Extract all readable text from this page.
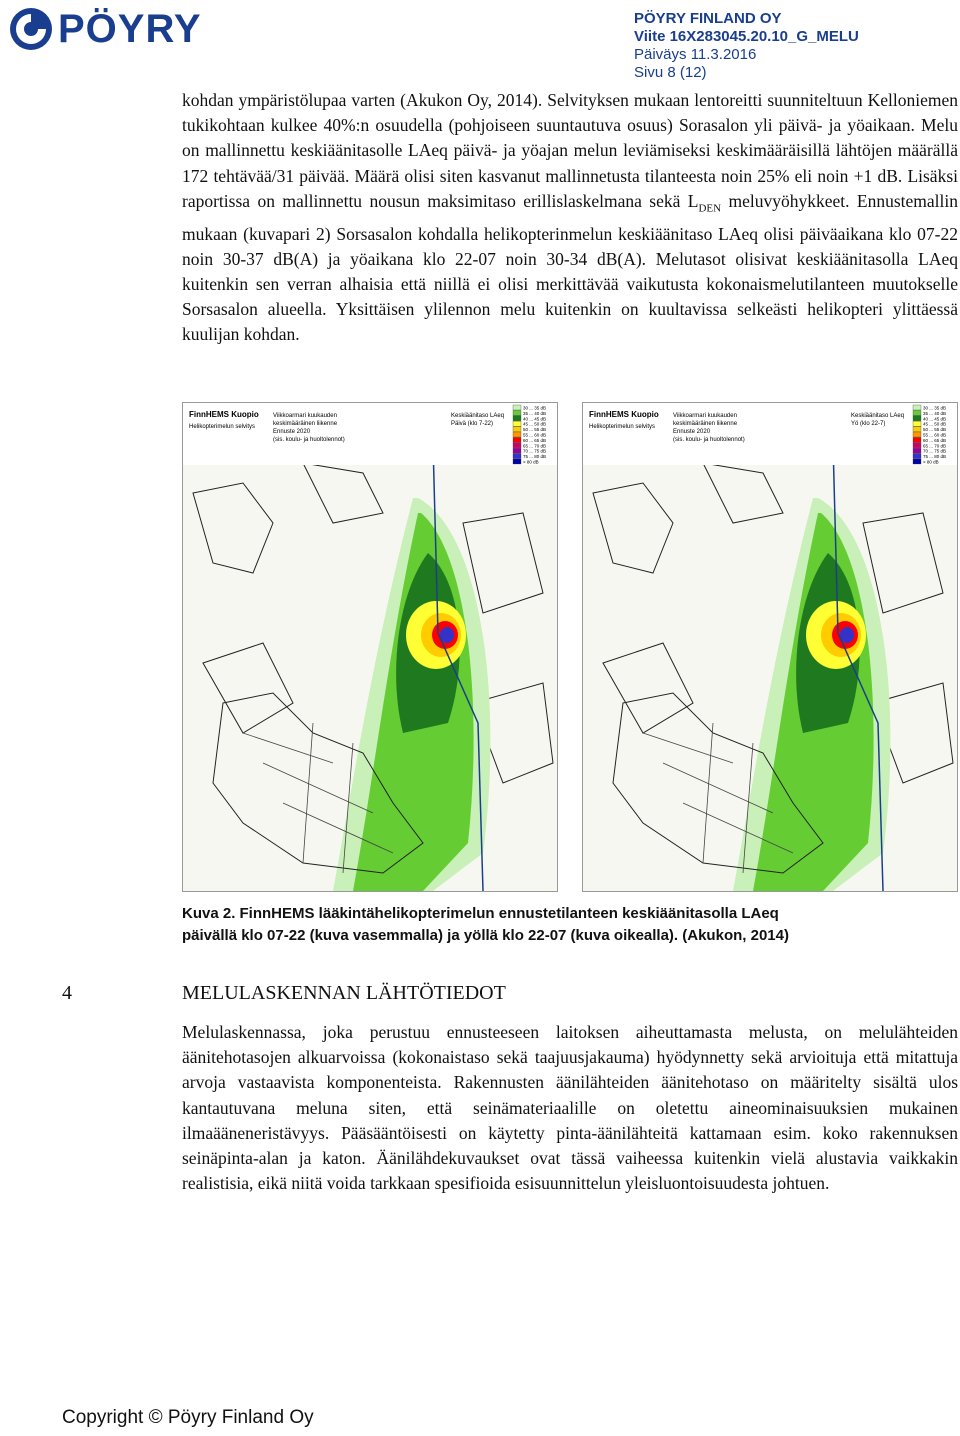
PÖYRY	PÖYRY FINLAND OY
Viite 16X283045.20.10_G_MELU
Päiväys 11.3.2016
Sivu 8 (12)

kohdan ympäristölupaa varten (Akukon Oy, 2014). Selvityksen mukaan lentoreitti suunniteltuun Kelloniemen tukikohtaan kulkee 40%:n osuudella (pohjoiseen suuntautuva osuus) Sorasalon yli päivä- ja yöaikaan. Melu on mallinnettu keskiäänitasolle LAeq päivä- ja yöajan melun leviämiseksi keskimääräisillä lähtöjen määrällä 172 tehtävää/31 päivää. Määrä olisi siten kasvanut mallinnetusta tilanteesta noin 25% eli noin +1 dB. Lisäksi raportissa on mallinnettu nousun maksimitaso erillislaskelmana sekä $L_{DEN}$ meluvyöhykkeet. Ennustemallin mukaan (kuvapari 2) Sorsasalon kohdalla helikopterinmelun keskiäänitaso LAeq olisi päiväaikana klo 07-22 noin 30-37 dB(A) ja yöaikana klo 22-07 noin 30-34 dB(A). Melutasot olisivat keskiäänitasolla LAeq kuitenkin sen verran alhaisia että niillä ei olisi merkittävää vaikutusta kokonaismelutilanteen muutokselle Sorsasalon alueella. Yksittäisen ylilennon melu kuitenkin on kuultavissa selkeästi helikopteri ylittäessä kuulijan kohdan.

FinnHEMS Kuopio
Helikopterimelun selvitys
Viikkoarmari kuukauden
keskimääräinen liikenne
Ennuste 2020
(sis. koulu- ja huoltolennot)
Keskiäänitaso LAeq
Päivä (klo 7-22)
30 ... 35 dB
35 ... 40 dB
40 ... 45 dB
45 ... 50 dB
50 ... 55 dB
55 ... 60 dB
60 ... 65 dB
65 ... 70 dB
70 ... 75 dB
75 ... 80 dB
> 80 dB
FinnHEMS Kuopio
Helikopterimelun selvitys
Viikkoarmari kuukauden
keskimääräinen liikenne
Ennuste 2020
(sis. koulu- ja huoltolennot)
Keskiäänitaso LAeq
Yö (klo 22-7)
30 ... 35 dB
35 ... 40 dB
40 ... 45 dB
45 ... 50 dB
50 ... 55 dB
55 ... 60 dB
60 ... 65 dB
65 ... 70 dB
70 ... 75 dB
75 ... 80 dB
> 80 dB
Kuva 2. FinnHEMS lääkintähelikopterimelun ennustetilanteen keskiäänitasolla LAeq
päivällä klo 07-22 (kuva vasemmalla) ja yöllä klo 22-07 (kuva oikealla). (Akukon, 2014)
4	MELULASKENNAN LÄHTÖTIEDOT

Melulaskennassa, joka perustuu ennusteeseen laitoksen aiheuttamasta melusta, on melulähteiden äänitehotasojen alkuarvoissa (kokonaistaso sekä taajuusjakauma) hyödynnetty sekä arvioituja että mitattuja arvoja vastaavista komponenteista. Rakennusten äänilähteiden äänitehotaso on määritelty sisältä ulos kantautuvana meluna siten, että seinämateriaalille on oletettu aineominaisuuksien mukainen ilmaääneneristävyys. Pääsääntöisesti on käytetty pinta-äänilähteitä kattamaan esim. koko rakennuksen seinäpinta-alan ja katon. Äänilähdekuvaukset ovat tässä vaiheessa kuitenkin vielä alustavia vaikkakin realistisia, eikä niitä voida tarkkaan spesifioida esisuunnittelun yleisluontoisuudesta johtuen.

Copyright © Pöyry Finland Oy
